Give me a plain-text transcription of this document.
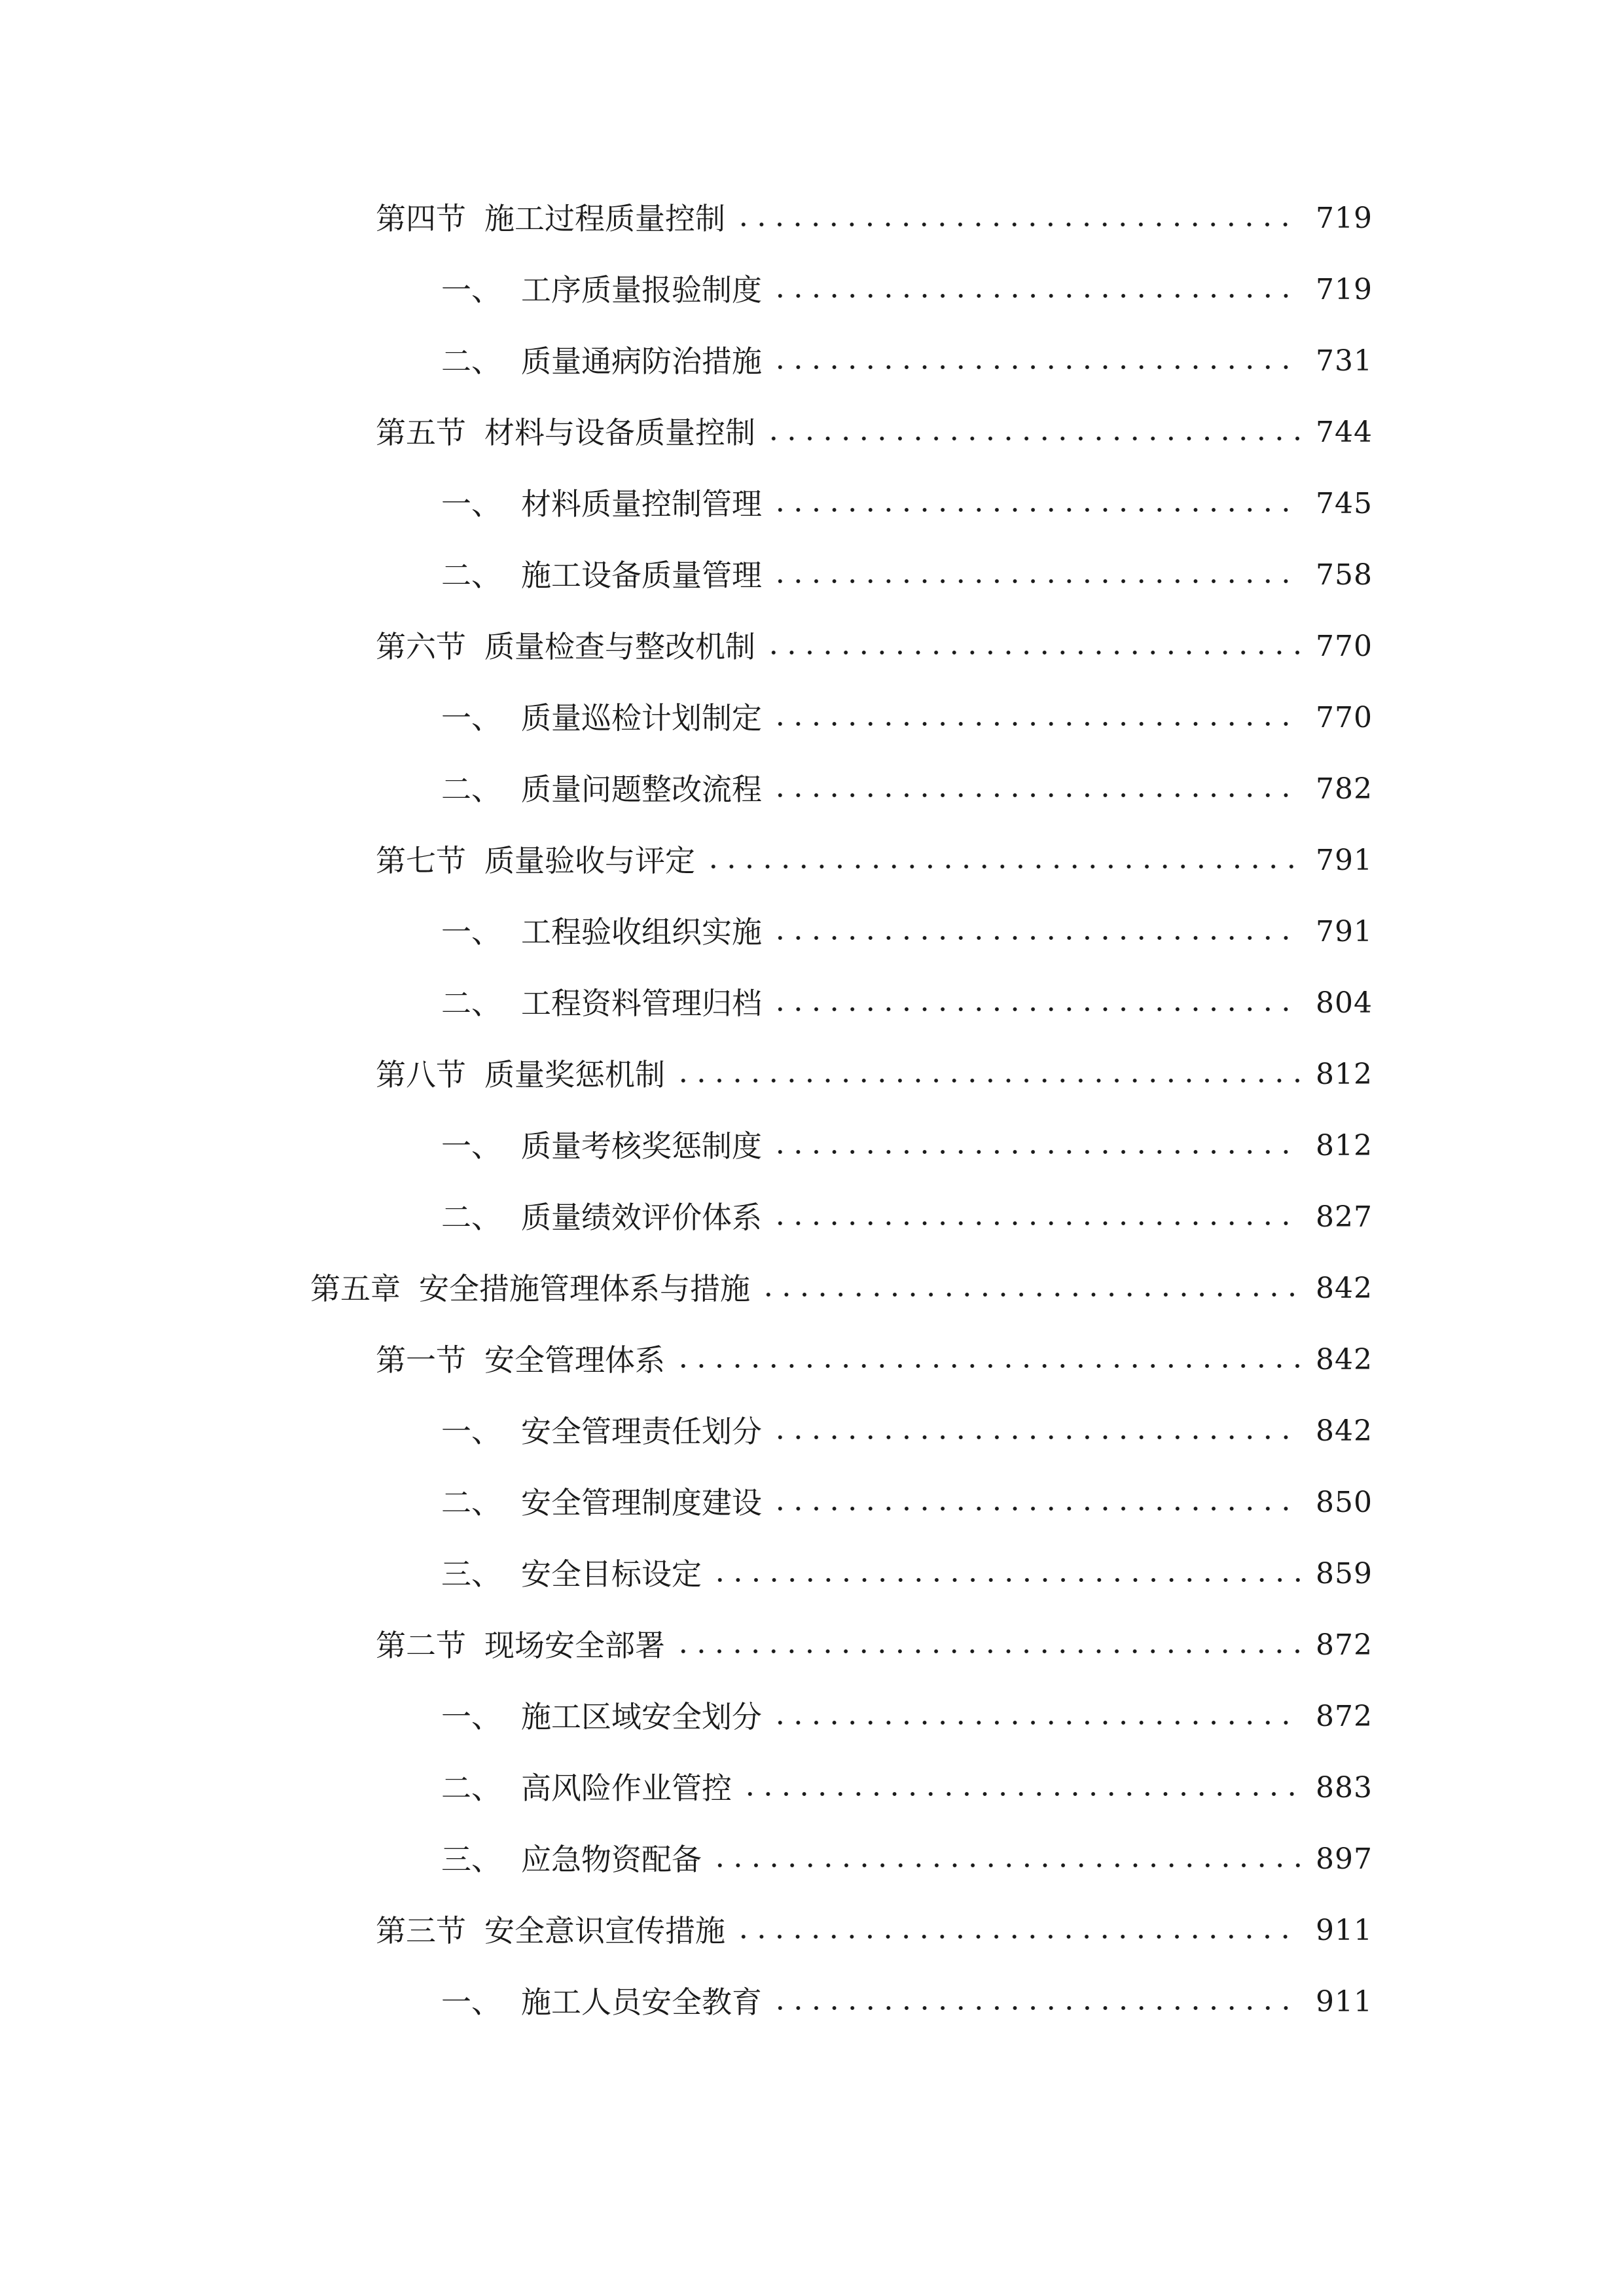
第四节 施工过程质量控制	719
一、 工序质量报验制度	719
二、 质量通病防治措施	731
第五节 材料与设备质量控制	744
一、 材料质量控制管理	745
二、 施工设备质量管理	758
第六节 质量检查与整改机制	770
一、 质量巡检计划制定	770
二、 质量问题整改流程	782
第七节 质量验收与评定	791
一、 工程验收组织实施	791
二、 工程资料管理归档	804
第八节 质量奖惩机制	812
一、 质量考核奖惩制度	812
二、 质量绩效评价体系	827
第五章 安全措施管理体系与措施	842
第一节 安全管理体系	842
一、 安全管理责任划分	842
二、 安全管理制度建设	850
三、 安全目标设定	859
第二节 现场安全部署	872
一、 施工区域安全划分	872
二、 高风险作业管控	883
三、 应急物资配备	897
第三节 安全意识宣传措施	911
一、 施工人员安全教育	911
